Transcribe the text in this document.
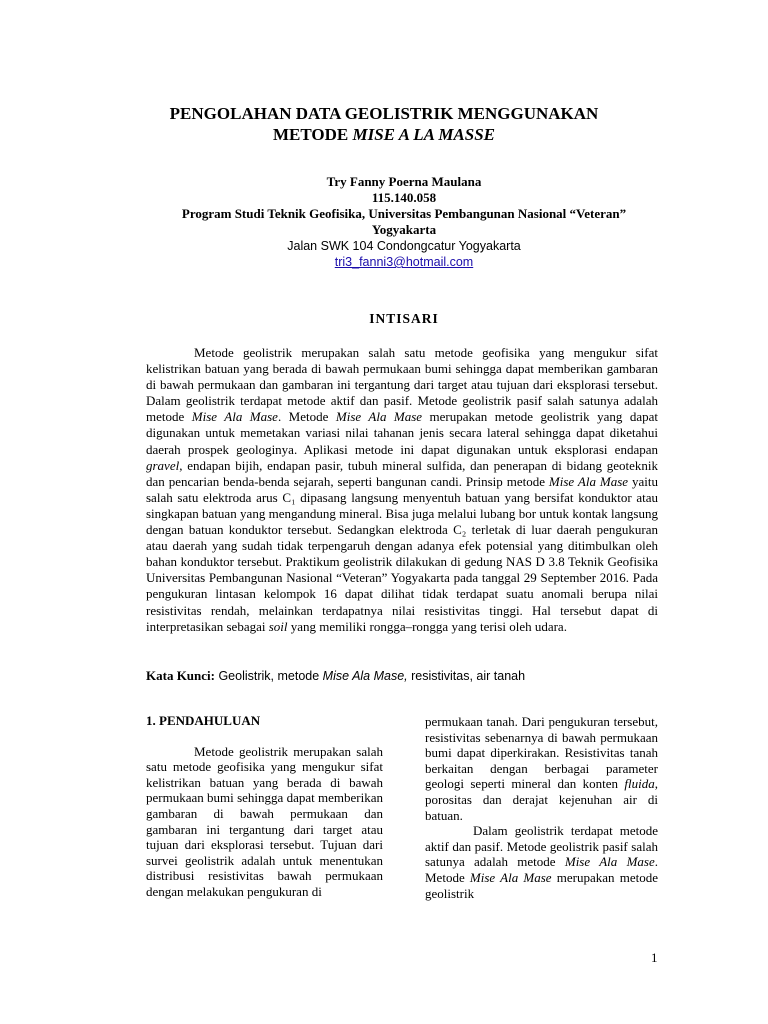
PENGOLAHAN DATA GEOLISTRIK MENGGUNAKAN
METODE MISE A LA MASSE
Try Fanny Poerna Maulana
115.140.058
Program Studi Teknik Geofisika, Universitas Pembangunan Nasional “Veteran”
Yogyakarta
Jalan SWK 104 Condongcatur Yogyakarta
tri3_fanni3@hotmail.com
INTISARI
Metode geolistrik merupakan salah satu metode geofisika yang mengukur sifat kelistrikan batuan yang berada di bawah permukaan bumi sehingga dapat memberikan gambaran di bawah permukaan dan gambaran ini tergantung dari target atau tujuan dari eksplorasi tersebut. Dalam geolistrik terdapat metode aktif dan pasif. Metode geolistrik pasif salah satunya adalah metode Mise Ala Mase. Metode Mise Ala Mase merupakan metode geolistrik yang dapat digunakan untuk memetakan variasi nilai tahanan jenis secara lateral sehingga dapat diketahui daerah prospek geologinya. Aplikasi metode ini dapat digunakan untuk eksplorasi endapan gravel, endapan bijih, endapan pasir, tubuh mineral sulfida, dan penerapan di bidang geoteknik dan pencarian benda-benda sejarah, seperti bangunan candi. Prinsip metode Mise Ala Mase yaitu salah satu elektroda arus C₁ dipasang langsung menyentuh batuan yang bersifat konduktor atau singkapan batuan yang mengandung mineral. Bisa juga melalui lubang bor untuk kontak langsung dengan batuan konduktor tersebut. Sedangkan elektroda C₂ terletak di luar daerah pengukuran atau daerah yang sudah tidak terpengaruh dengan adanya efek potensial yang ditimbulkan oleh bahan konduktor tersebut. Praktikum geolistrik dilakukan di gedung NAS D 3.8 Teknik Geofisika Universitas Pembangunan Nasional “Veteran” Yogyakarta pada tanggal 29 September 2016. Pada pengukuran lintasan kelompok 16 dapat dilihat tidak terdapat suatu anomali berupa nilai resistivitas rendah, melainkan terdapatnya nilai resistivitas tinggi. Hal tersebut dapat di interpretasikan sebagai soil yang memiliki rongga–rongga yang terisi oleh udara.
Kata Kunci: Geolistrik, metode Mise Ala Mase, resistivitas, air tanah
1. PENDAHULUAN

Metode geolistrik merupakan salah satu metode geofisika yang mengukur sifat kelistrikan batuan yang berada di bawah permukaan bumi sehingga dapat memberikan gambaran di bawah permukaan dan gambaran ini tergantung dari target atau tujuan dari eksplorasi tersebut. Tujuan dari survei geolistrik adalah untuk menentukan distribusi resistivitas bawah permukaan dengan melakukan pengukuran di

permukaan tanah. Dari pengukuran tersebut, resistivitas sebenarnya di bawah permukaan bumi dapat diperkirakan. Resistivitas tanah berkaitan dengan berbagai parameter geologi seperti mineral dan konten fluida, porositas dan derajat kejenuhan air di batuan.

Dalam geolistrik terdapat metode aktif dan pasif. Metode geolistrik pasif salah satunya adalah metode Mise Ala Mase. Metode Mise Ala Mase merupakan metode geolistrik

1
